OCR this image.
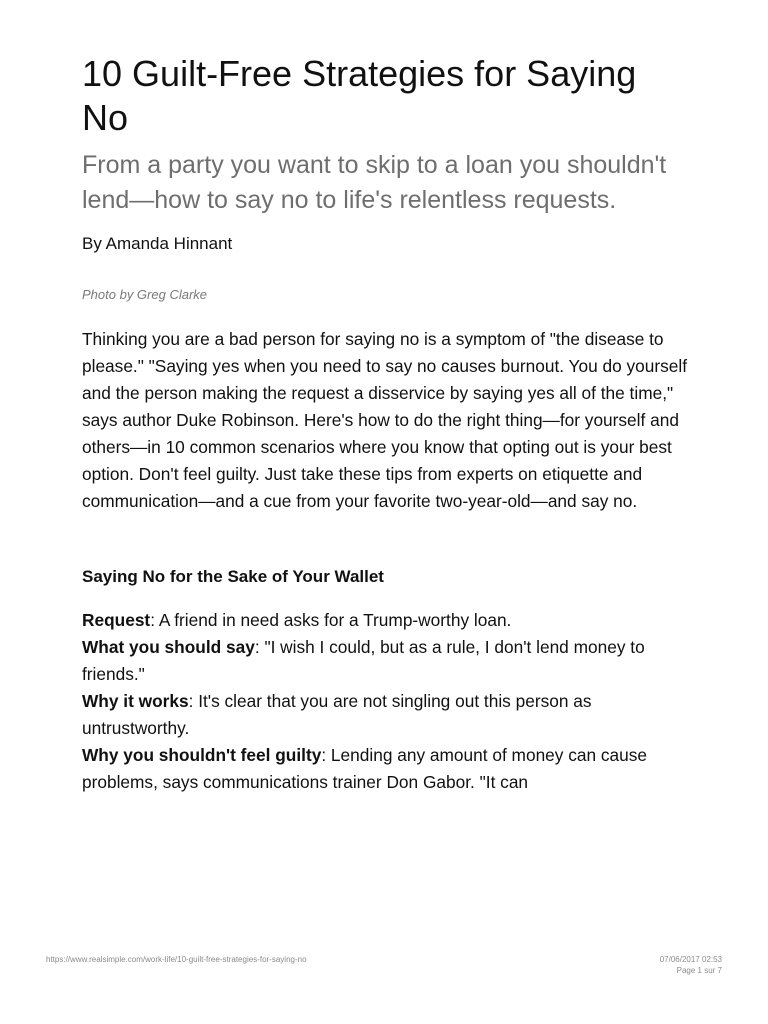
10 Guilt-Free Strategies for Saying No
From a party you want to skip to a loan you shouldn't lend—how to say no to life's relentless requests.

By Amanda Hinnant

Photo by Greg Clarke

Thinking you are a bad person for saying no is a symptom of "the disease to please." "Saying yes when you need to say no causes burnout. You do yourself and the person making the request a disservice by saying yes all of the time," says author Duke Robinson. Here's how to do the right thing—for yourself and others—in 10 common scenarios where you know that opting out is your best option. Don't feel guilty. Just take these tips from experts on etiquette and communication—and a cue from your favorite two-year-old—and say no.

Saying No for the Sake of Your Wallet

Request: A friend in need asks for a Trump-worthy loan.
What you should say: "I wish I could, but as a rule, I don't lend money to friends."
Why it works: It's clear that you are not singling out this person as untrustworthy.
Why you shouldn't feel guilty: Lending any amount of money can cause problems, says communications trainer Don Gabor. "It can

https://www.realsimple.com/work-life/10-guilt-free-strategies-for-saying-no	07/06/2017 02:53
Page 1 sur 7
